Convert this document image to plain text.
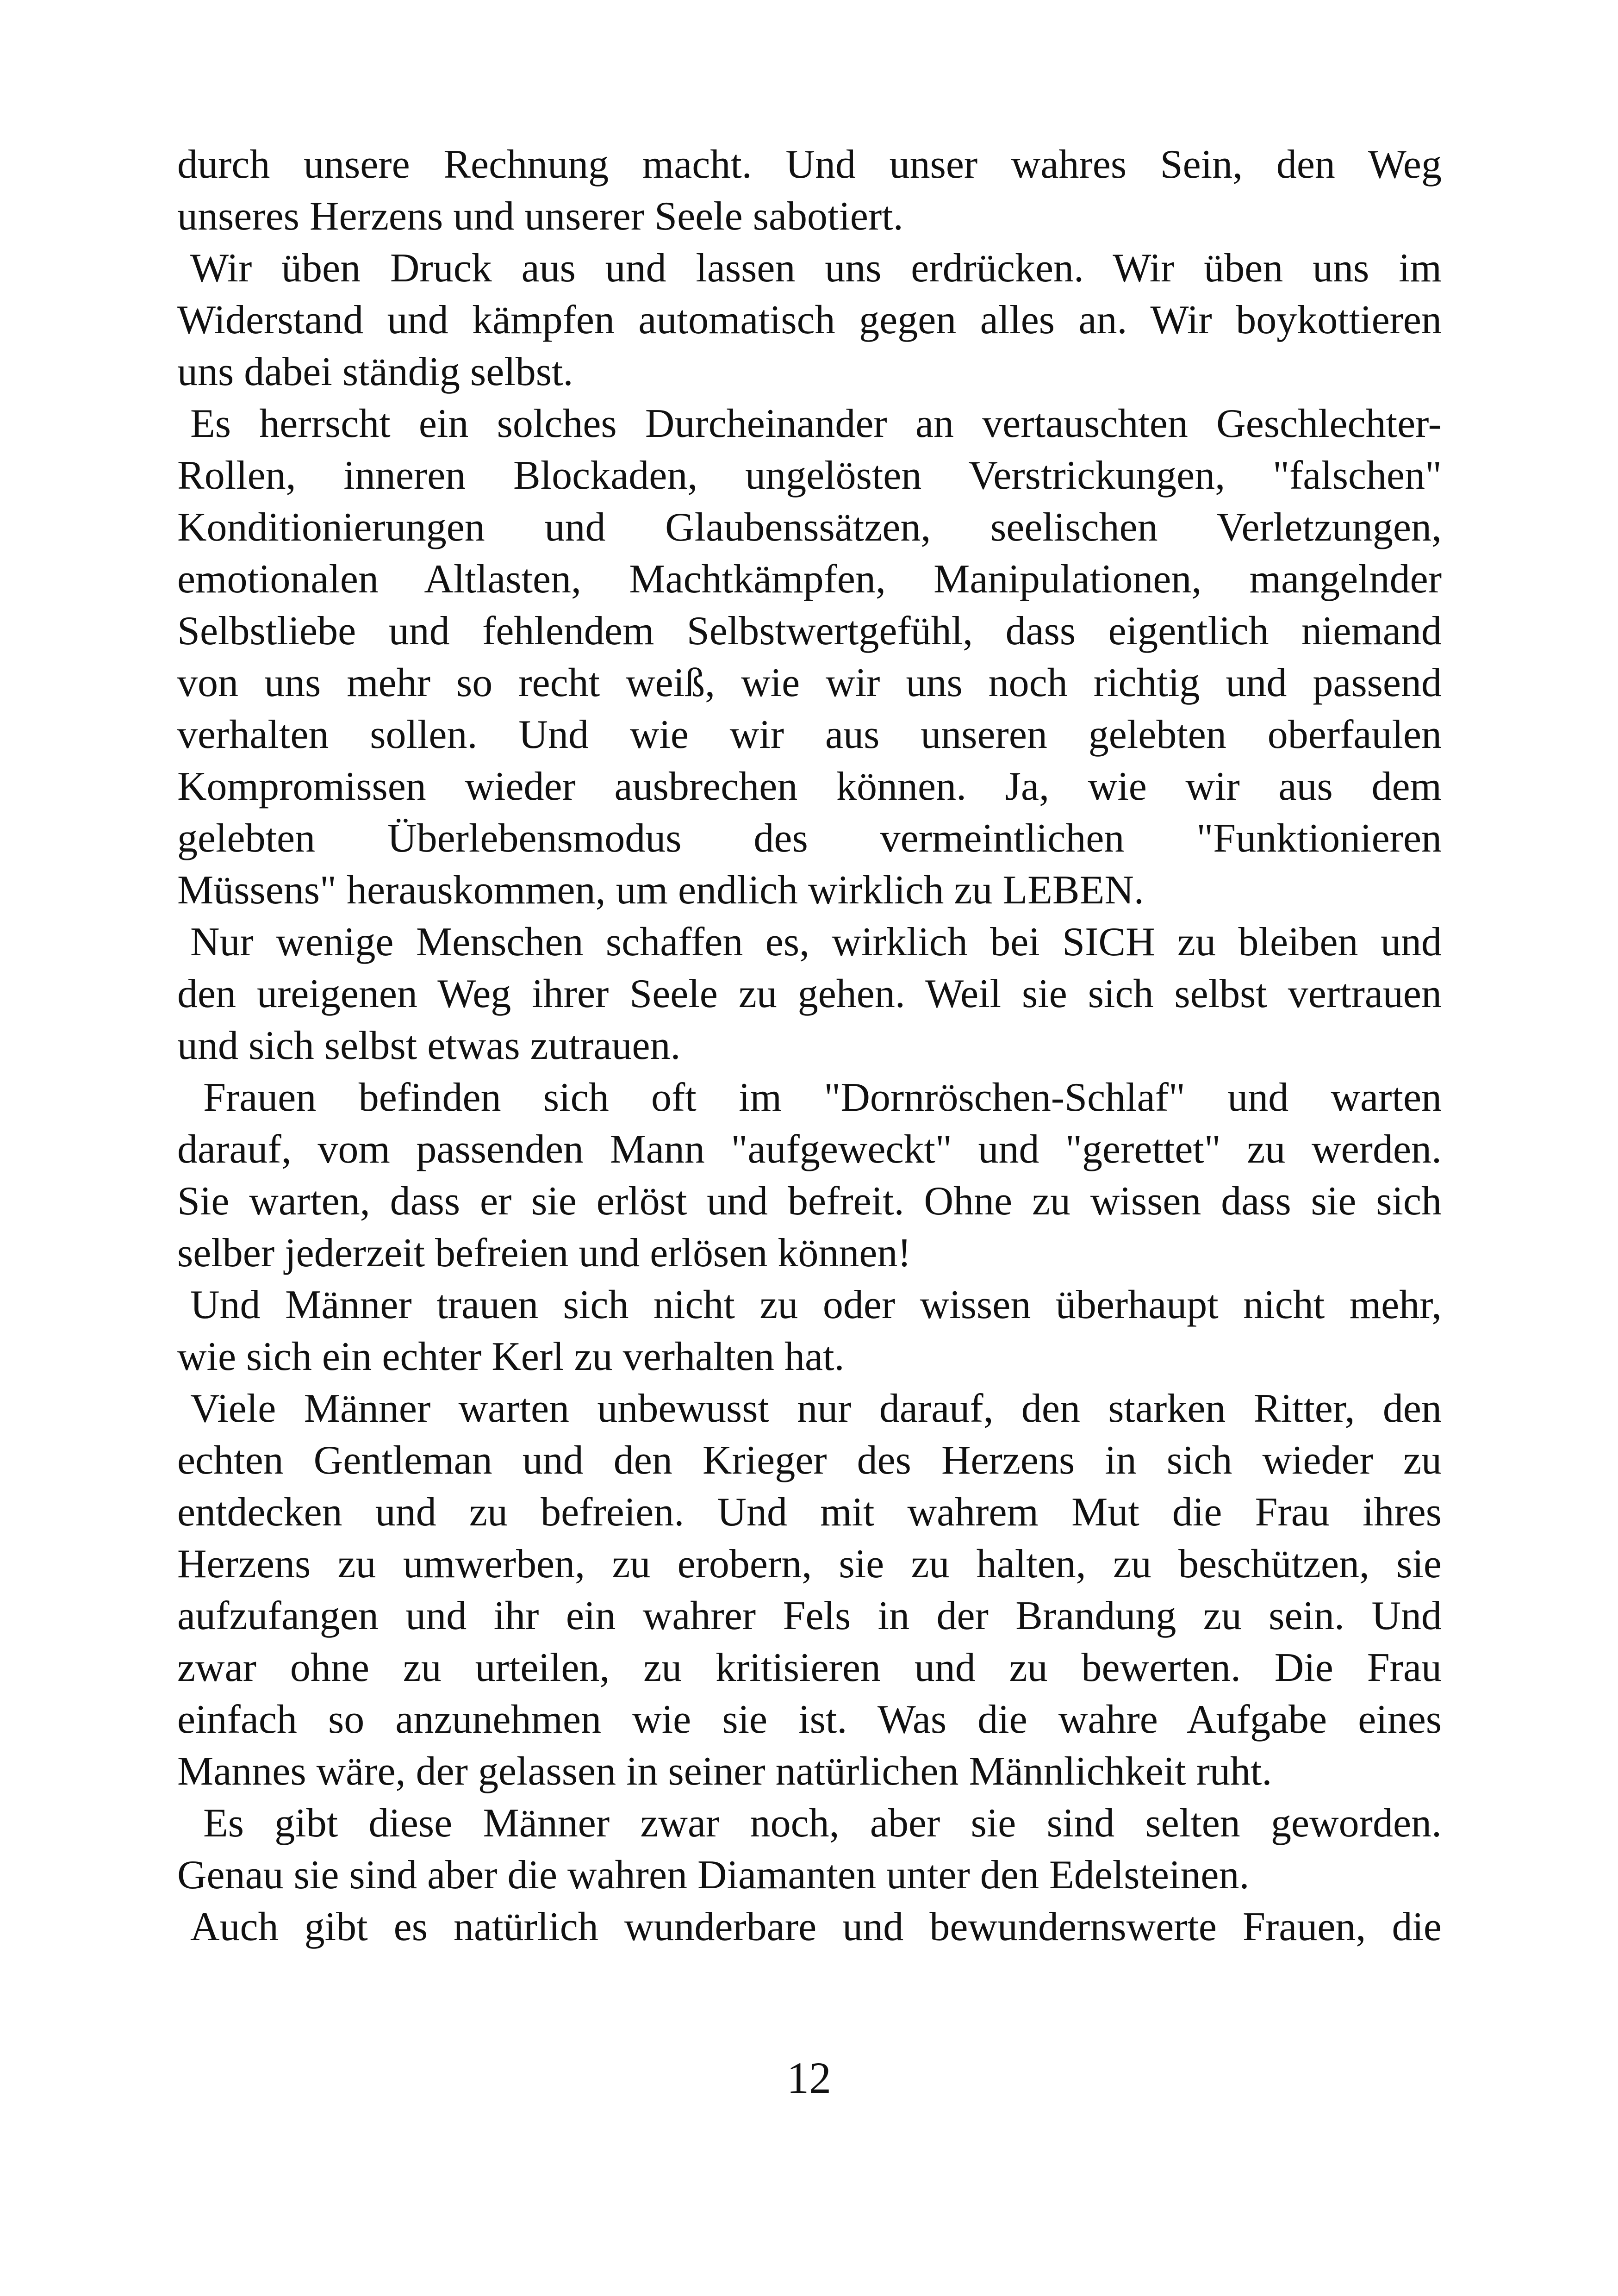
durch unsere Rechnung macht. Und unser wahres Sein, den Weg
unseres Herzens und unserer Seele sabotiert.

Wir üben Druck aus und lassen uns erdrücken. Wir üben uns im
Widerstand und kämpfen automatisch gegen alles an. Wir boykottieren
uns dabei ständig selbst.

Es herrscht ein solches Durcheinander an vertauschten Geschlechter-
Rollen, inneren Blockaden, ungelösten Verstrickungen, "falschen"
Konditionierungen und Glaubenssätzen, seelischen Verletzungen,
emotionalen Altlasten, Machtkämpfen, Manipulationen, mangelnder
Selbstliebe und fehlendem Selbstwertgefühl, dass eigentlich niemand
von uns mehr so recht weiß, wie wir uns noch richtig und passend
verhalten sollen. Und wie wir aus unseren gelebten oberfaulen
Kompromissen wieder ausbrechen können. Ja, wie wir aus dem
gelebten Überlebensmodus des vermeintlichen "Funktionieren
Müssens" herauskommen, um endlich wirklich zu LEBEN.

Nur wenige Menschen schaffen es, wirklich bei SICH zu bleiben und
den ureigenen Weg ihrer Seele zu gehen. Weil sie sich selbst vertrauen
und sich selbst etwas zutrauen.

Frauen befinden sich oft im "Dornröschen-Schlaf" und warten
darauf, vom passenden Mann "aufgeweckt" und "gerettet" zu werden.
Sie warten, dass er sie erlöst und befreit. Ohne zu wissen dass sie sich
selber jederzeit befreien und erlösen können!

Und Männer trauen sich nicht zu oder wissen überhaupt nicht mehr,
wie sich ein echter Kerl zu verhalten hat.

Viele Männer warten unbewusst nur darauf, den starken Ritter, den
echten Gentleman und den Krieger des Herzens in sich wieder zu
entdecken und zu befreien. Und mit wahrem Mut die Frau ihres
Herzens zu umwerben, zu erobern, sie zu halten, zu beschützen, sie
aufzufangen und ihr ein wahrer Fels in der Brandung zu sein. Und
zwar ohne zu urteilen, zu kritisieren und zu bewerten. Die Frau
einfach so anzunehmen wie sie ist. Was die wahre Aufgabe eines
Mannes wäre, der gelassen in seiner natürlichen Männlichkeit ruht.

Es gibt diese Männer zwar noch, aber sie sind selten geworden.
Genau sie sind aber die wahren Diamanten unter den Edelsteinen.

Auch gibt es natürlich wunderbare und bewundernswerte Frauen, die

12
